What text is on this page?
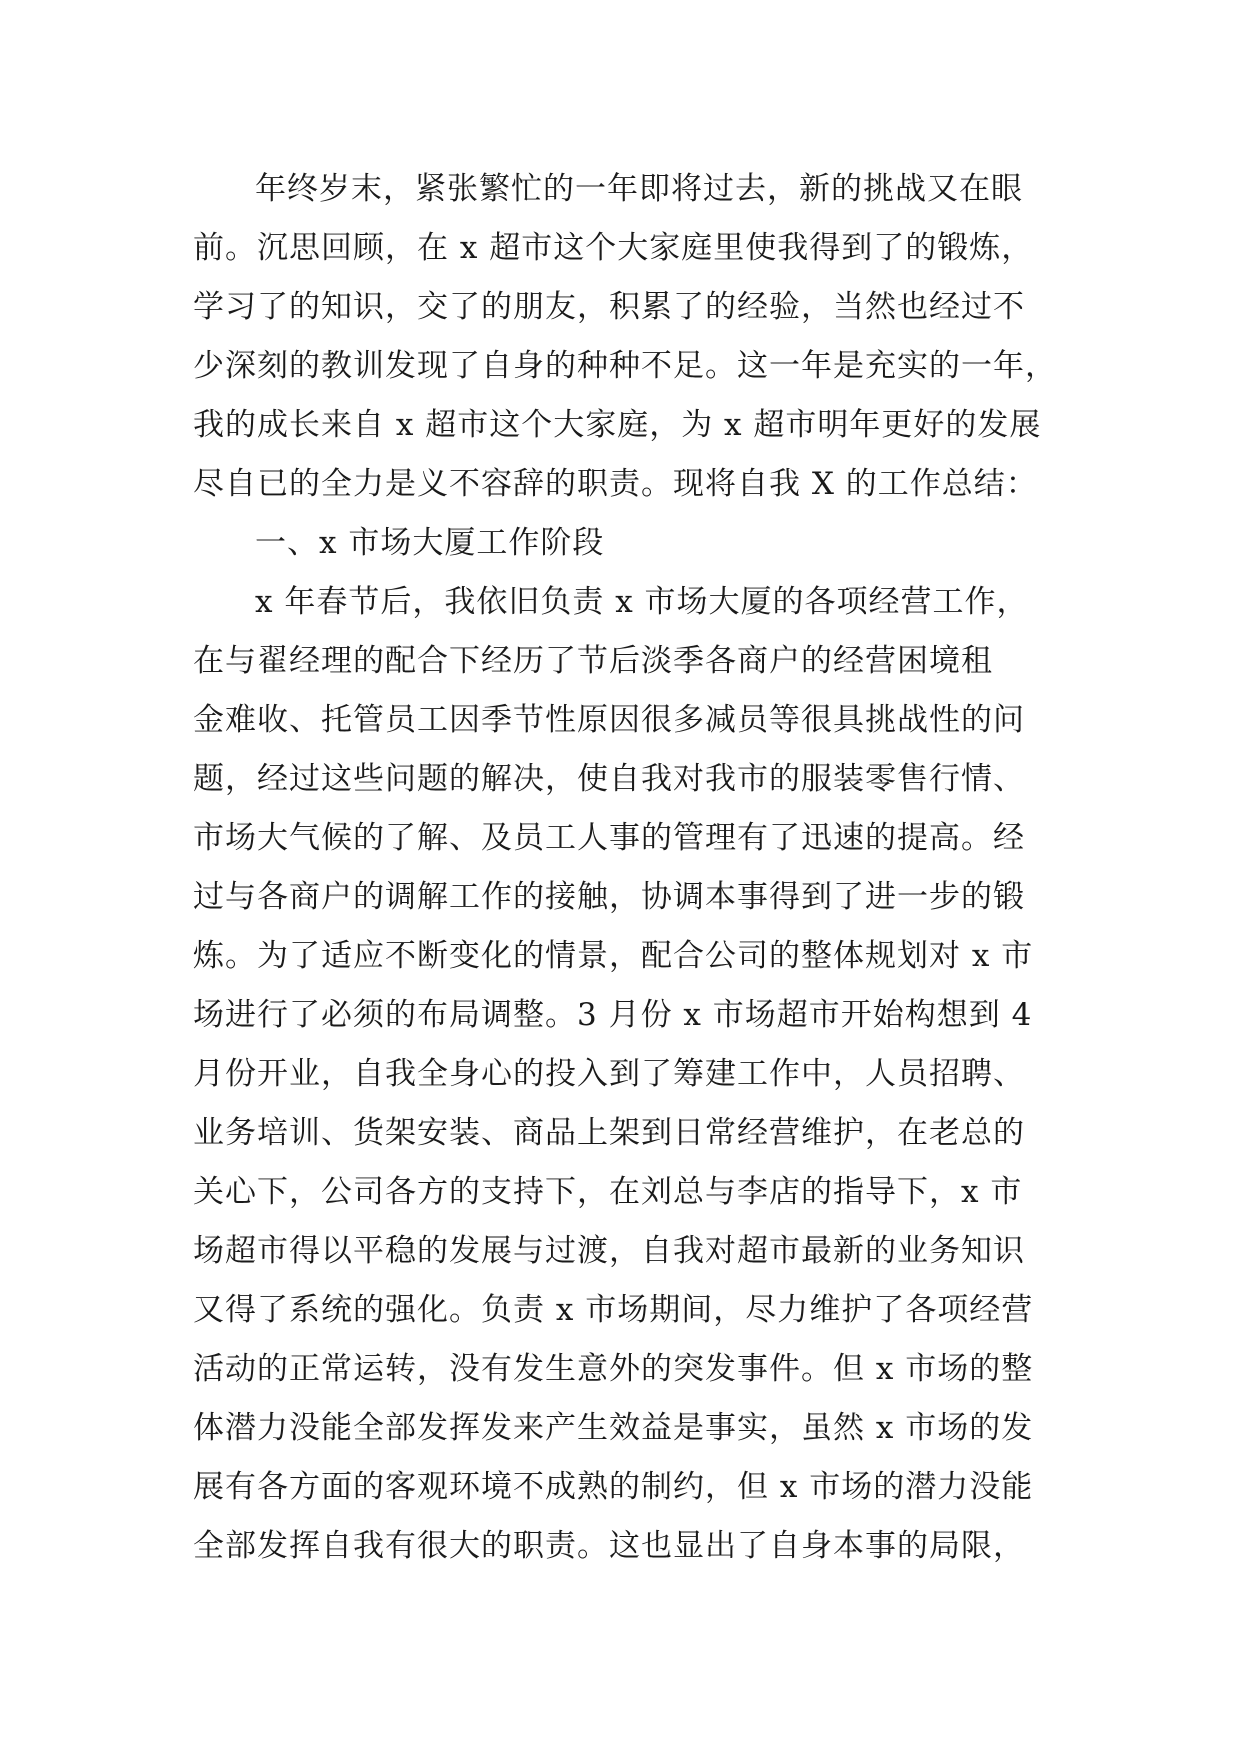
年终岁末，紧张繁忙的一年即将过去，新的挑战又在眼
前。沉思回顾，在 x 超市这个大家庭里使我得到了的锻炼，
学习了的知识，交了的朋友，积累了的经验，当然也经过不
少深刻的教训发现了自身的种种不足。这一年是充实的一年，
我的成长来自 x 超市这个大家庭，为 x 超市明年更好的发展
尽自已的全力是义不容辞的职责。现将自我 X 的工作总结：
一、x 市场大厦工作阶段
x 年春节后，我依旧负责 x 市场大厦的各项经营工作，
在与翟经理的配合下经历了节后淡季各商户的经营困境租
金难收、托管员工因季节性原因很多减员等很具挑战性的问
题，经过这些问题的解决，使自我对我市的服装零售行情、
市场大气候的了解、及员工人事的管理有了迅速的提高。经
过与各商户的调解工作的接触，协调本事得到了进一步的锻
炼。为了适应不断变化的情景，配合公司的整体规划对 x 市
场进行了必须的布局调整。3 月份 x 市场超市开始构想到 4
月份开业，自我全身心的投入到了筹建工作中，人员招聘、
业务培训、货架安装、商品上架到日常经营维护，在老总的
关心下，公司各方的支持下，在刘总与李店的指导下，x 市
场超市得以平稳的发展与过渡，自我对超市最新的业务知识
又得了系统的强化。负责 x 市场期间，尽力维护了各项经营
活动的正常运转，没有发生意外的突发事件。但 x 市场的整
体潜力没能全部发挥发来产生效益是事实，虽然 x 市场的发
展有各方面的客观环境不成熟的制约，但 x 市场的潜力没能
全部发挥自我有很大的职责。这也显出了自身本事的局限，
